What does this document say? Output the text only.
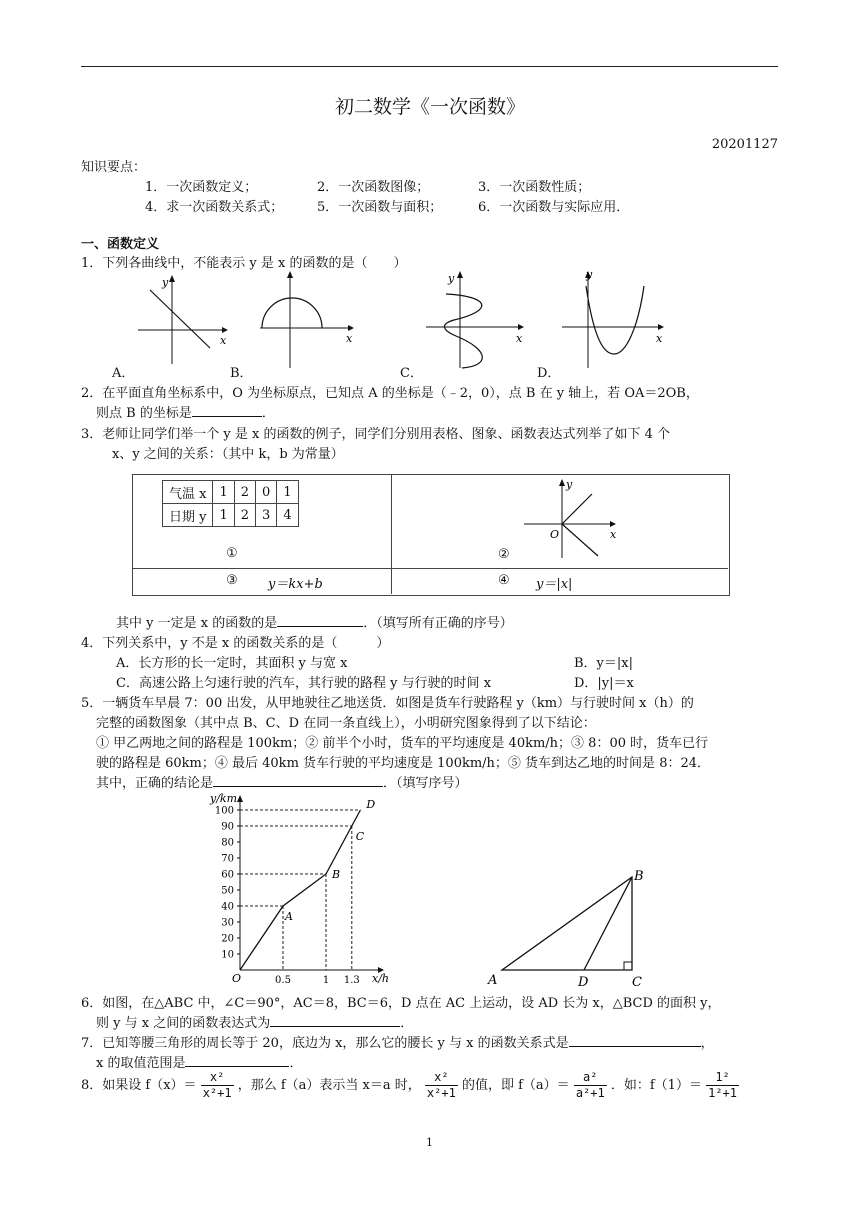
初二数学《一次函数》
20201127
知识要点：
1．一次函数定义；	2．一次函数图像；	3．一次函数性质；
4．求一次函数关系式；	5．一次函数与面积；	6．一次函数与实际应用．
一、函数定义
1．下列各曲线中，不能表示 y 是 x 的函数的是（　　）
y
x	x
y
x
y
x
A．	B．	C．	D．
2．在平面直角坐标系中，O 为坐标原点，已知点 A 的坐标是（﹣2，0），点 B 在 y 轴上，若 OA＝2OB，
则点 B 的坐标是	．
3．老师让同学们举一个 y 是 x 的函数的例子，同学们分别用表格、图象、函数表达式列举了如下 4 个
x、y 之间的关系：（其中 k，b 为常量）
气温 x	1	2	0	1
日期 y	1	2	3	4
①
y
x
O
②
③ y＝kx+b	④ y＝|x|
其中 y 一定是 x 的函数的是	．（填写所有正确的序号）
4．下列关系中，y 不是 x 的函数关系的是（　　　）
A．长方形的长一定时，其面积 y 与宽 x	B．y＝|x|
C．高速公路上匀速行驶的汽车，其行驶的路程 y 与行驶的时间 x	D．|y|＝x
5．一辆货车早晨 7：00 出发，从甲地驶往乙地送货．如图是货车行驶路程 y（km）与行驶时间 x（h）的
完整的函数图象（其中点 B、C、D 在同一条直线上），小明研究图象得到了以下结论：
① 甲乙两地之间的路程是 100km；② 前半个小时，货车的平均速度是 40km/h；③ 8：00 时，货车已行
驶的路程是 60km；④ 最后 40km 货车行驶的平均速度是 100km/h；⑤ 货车到达乙地的时间是 8：24．
其中，正确的结论是	．（填写序号）
y/km
x/h
O
10
20
30
40
50
60
70
80
90
100
0.5	1 1.3
A
B
C
D
A
B
C
D
6．如图，在△ABC 中，∠C＝90°，AC＝8，BC＝6，D 点在 AC 上运动，设 AD 长为 x，△BCD 的面积 y，
则 y 与 x 之间的函数表达式为	．
7．已知等腰三角形的周长等于 20，底边为 x，那么它的腰长 y 与 x 的函数关系式是	，
x 的取值范围是	．
8．如果设 $f(x)= \frac{\text{x²}}{\text{x²+1}}$ ，那么 f（a）表示当 x＝a 时， $\frac{\text{x²}}{\text{x²+1}}$ 的值，即 $f(a)= \frac{\text{a²}}{\text{a²+1}}$ ．如：$f(1)= \frac{\text{1²}}{\text{1²+1}}$
1
